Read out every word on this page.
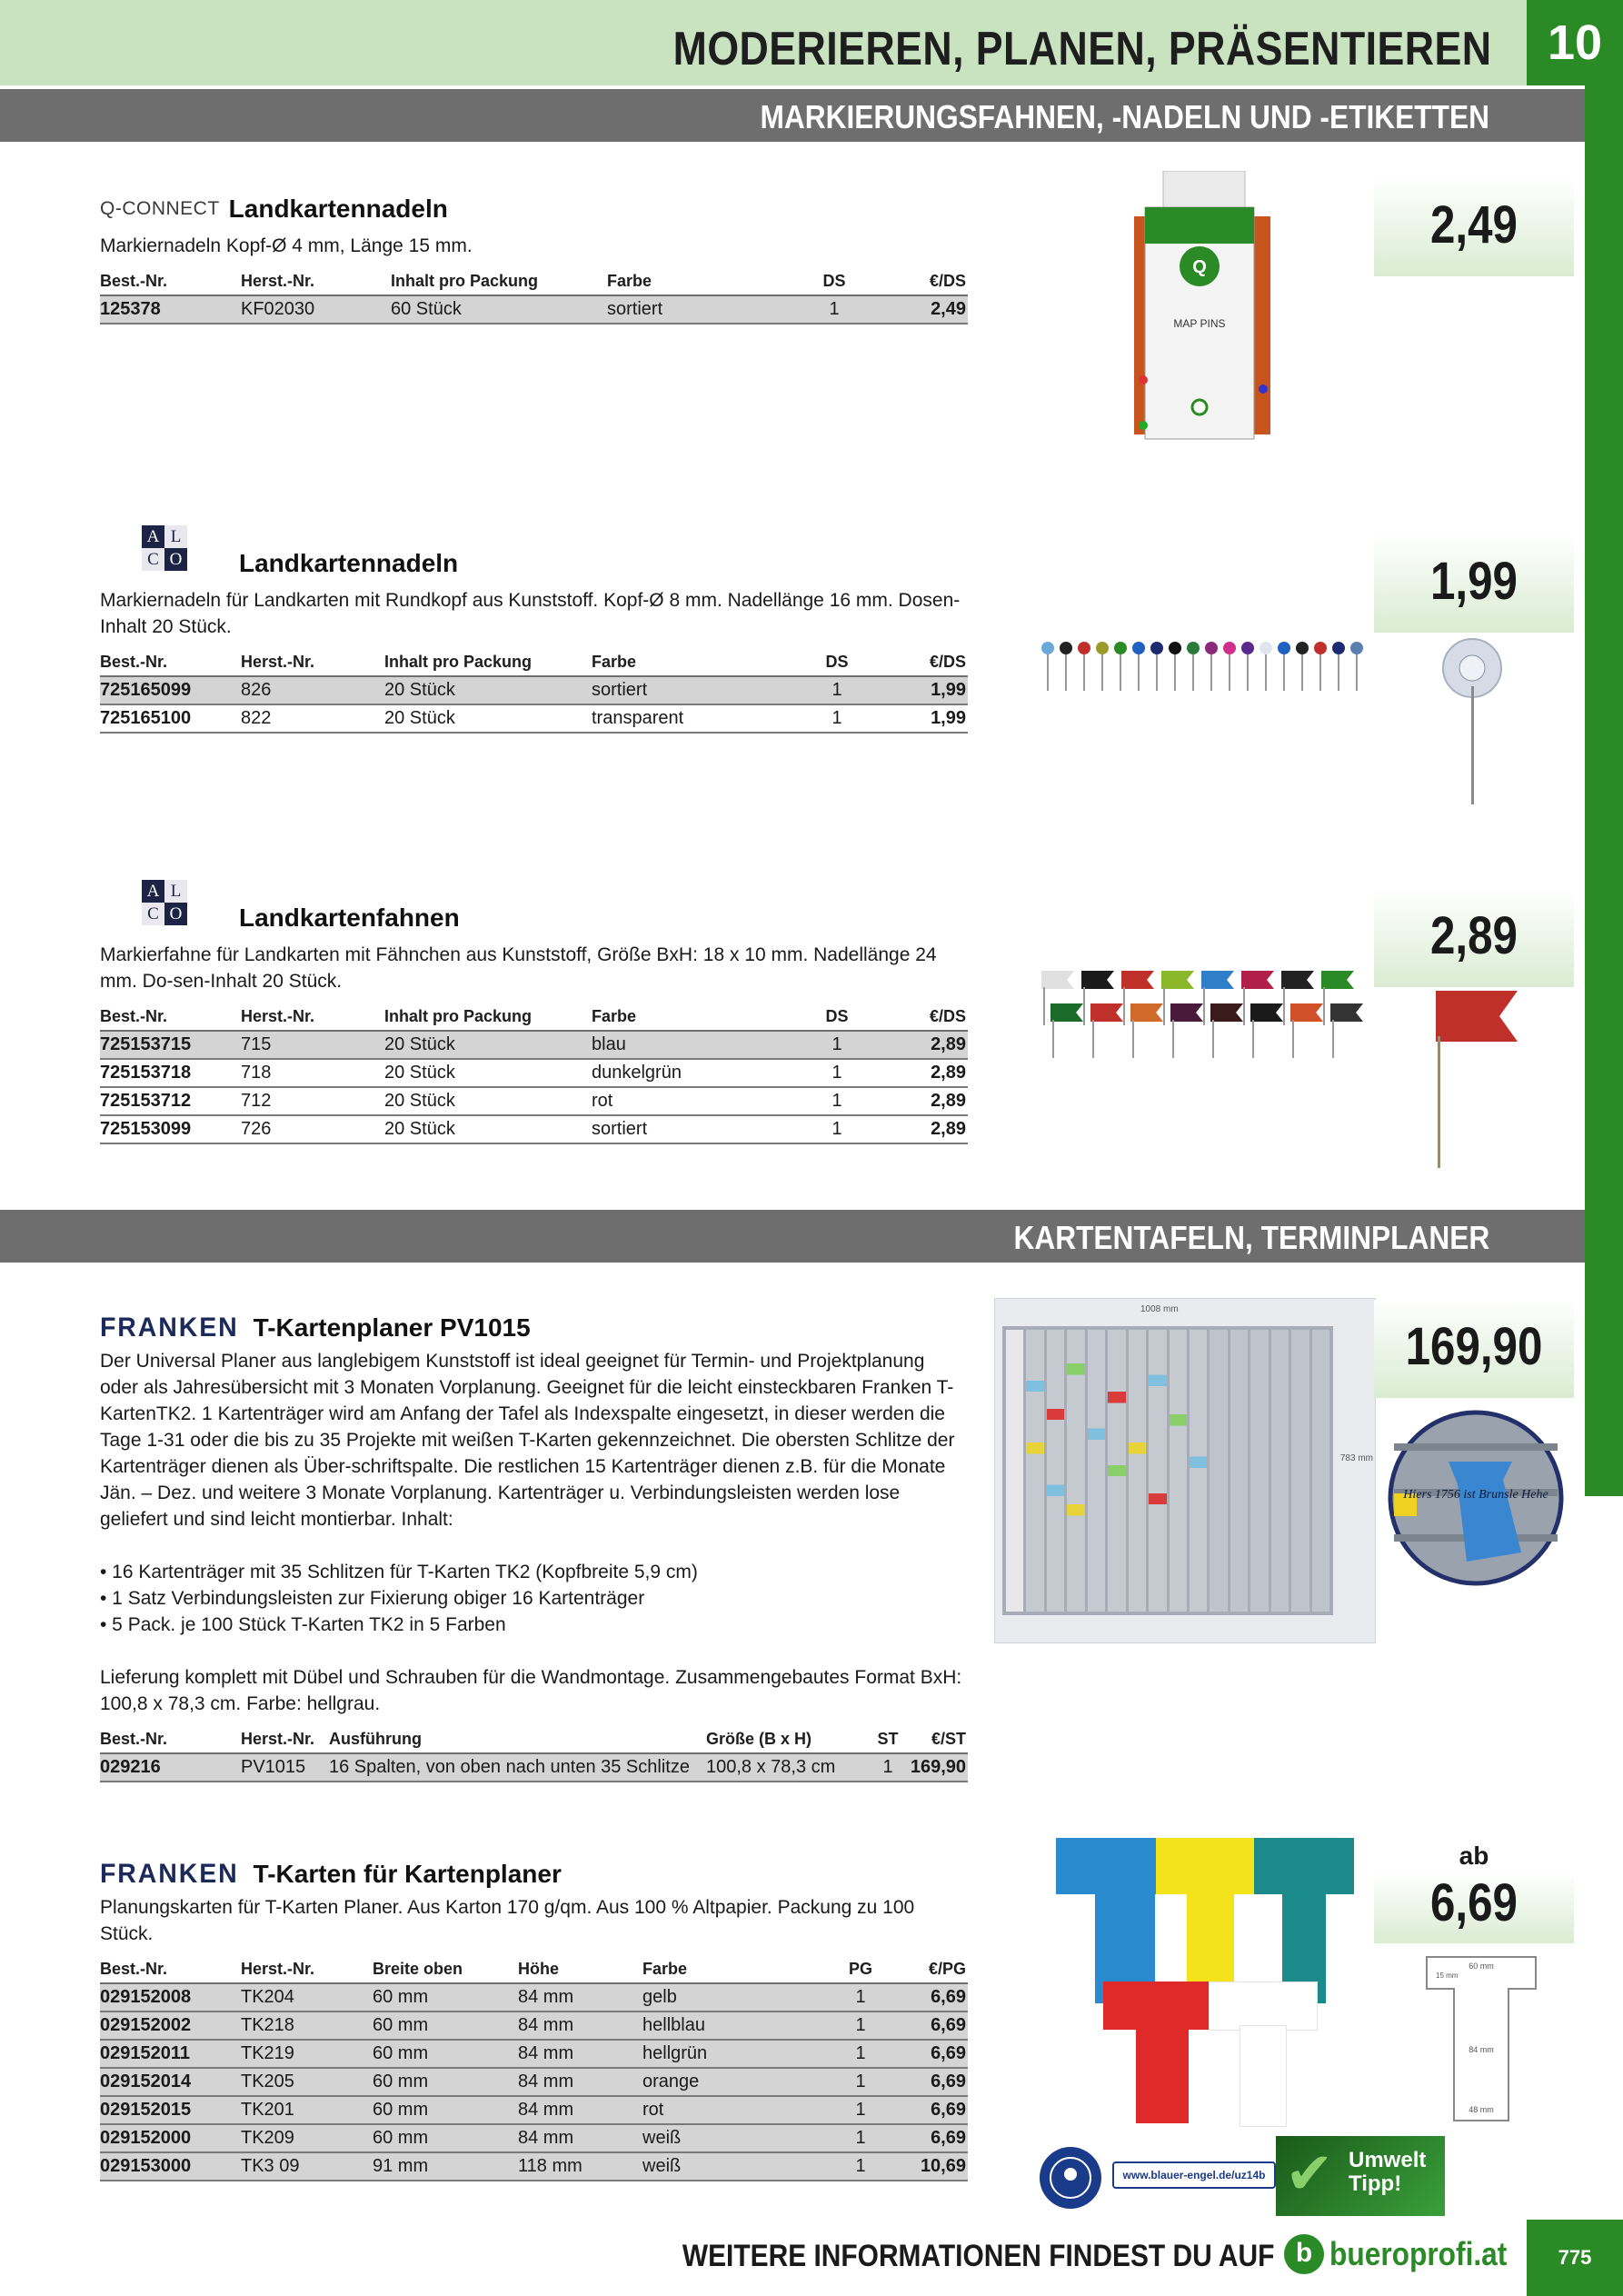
MODERIEREN, PLANEN, PRÄSENTIEREN	10
MARKIERUNGSFAHNEN, -NADELN UND -ETIKETTEN
Q-CONNECT Landkartennadeln
Markiernadeln Kopf-Ø 4 mm, Länge 15 mm.
Best.-Nr.	Herst.-Nr.	Inhalt pro Packung	Farbe	DS	€/DS
125378	KF02030	60 Stück	sortiert	1	2,49
Q
MAP PINS
2,49
A L
C O Landkartennadeln
Markiernadeln für Landkarten mit Rundkopf aus Kunststoff. Kopf-Ø 8 mm. Nadellänge 16 mm. Dosen-Inhalt 20 Stück.
Best.-Nr.	Herst.-Nr.	Inhalt pro Packung	Farbe	DS	€/DS
725165099	826	20 Stück	sortiert	1	1,99
725165100	822	20 Stück	transparent	1	1,99
1,99
A L
C O Landkartenfahnen
Markierfahne für Landkarten mit Fähnchen aus Kunststoff, Größe BxH: 18 x 10 mm. Nadellänge 24 mm. Do-sen-Inhalt 20 Stück.
Best.-Nr.	Herst.-Nr.	Inhalt pro Packung	Farbe	DS	€/DS
725153715	715	20 Stück	blau	1	2,89
725153718	718	20 Stück	dunkelgrün	1	2,89
725153712	712	20 Stück	rot	1	2,89
725153099	726	20 Stück	sortiert	1	2,89
2,89
KARTENTAFELN, TERMINPLANER
FRANKEN T-Kartenplaner PV1015
Der Universal Planer aus langlebigem Kunststoff ist ideal geeignet für Termin- und Projektplanung oder als Jahresübersicht mit 3 Monaten Vorplanung. Geeignet für die leicht einsteckbaren Franken T-KartenTK2. 1 Kartenträger wird am Anfang der Tafel als Indexspalte eingesetzt, in dieser werden die Tage 1-31 oder die bis zu 35 Projekte mit weißen T-Karten gekennzeichnet. Die obersten Schlitze der Kartenträger dienen als Über-schriftspalte. Die restlichen 15 Kartenträger dienen z.B. für die Monate Jän. – Dez. und weitere 3 Monate Vorplanung. Kartenträger u. Verbindungsleisten werden lose geliefert und sind leicht montierbar. Inhalt:
• 16 Kartenträger mit 35 Schlitzen für T-Karten TK2 (Kopfbreite 5,9 cm)
• 1 Satz Verbindungsleisten zur Fixierung obiger 16 Kartenträger
• 5 Pack. je 100 Stück T-Karten TK2 in 5 Farben
Lieferung komplett mit Dübel und Schrauben für die Wandmontage. Zusammengebautes Format BxH: 100,8 x 78,3 cm. Farbe: hellgrau.
Best.-Nr.	Herst.-Nr.	Ausführung	Größe (B x H)	ST	€/ST
029216	PV1015	16 Spalten, von oben nach unten 35 Schlitze	100,8 x 78,3 cm	1	169,90
1008 mm
783 mm
Hiers 1756 ist Brunsle Hehe
169,90
FRANKEN T-Karten für Kartenplaner
Planungskarten für T-Karten Planer. Aus Karton 170 g/qm. Aus 100 % Altpapier. Packung zu 100 Stück.
Best.-Nr.	Herst.-Nr.	Breite oben	Höhe	Farbe	PG	€/PG
029152008	TK204	60 mm	84 mm	gelb	1	6,69
029152002	TK218	60 mm	84 mm	hellblau	1	6,69
029152011	TK219	60 mm	84 mm	hellgrün	1	6,69
029152014	TK205	60 mm	84 mm	orange	1	6,69
029152015	TK201	60 mm	84 mm	rot	1	6,69
029152000	TK209	60 mm	84 mm	weiß	1	6,69
029153000	TK3 09	91 mm	118 mm	weiß	1	10,69
60 mm
15 mm
84 mm
48 mm
ab
6,69
www.blauer-engel.de/uz14b ✔ Umwelt Tipp!
WEITERE INFORMATIONEN FINDEST DU AUF b bueroprofi.at	775
